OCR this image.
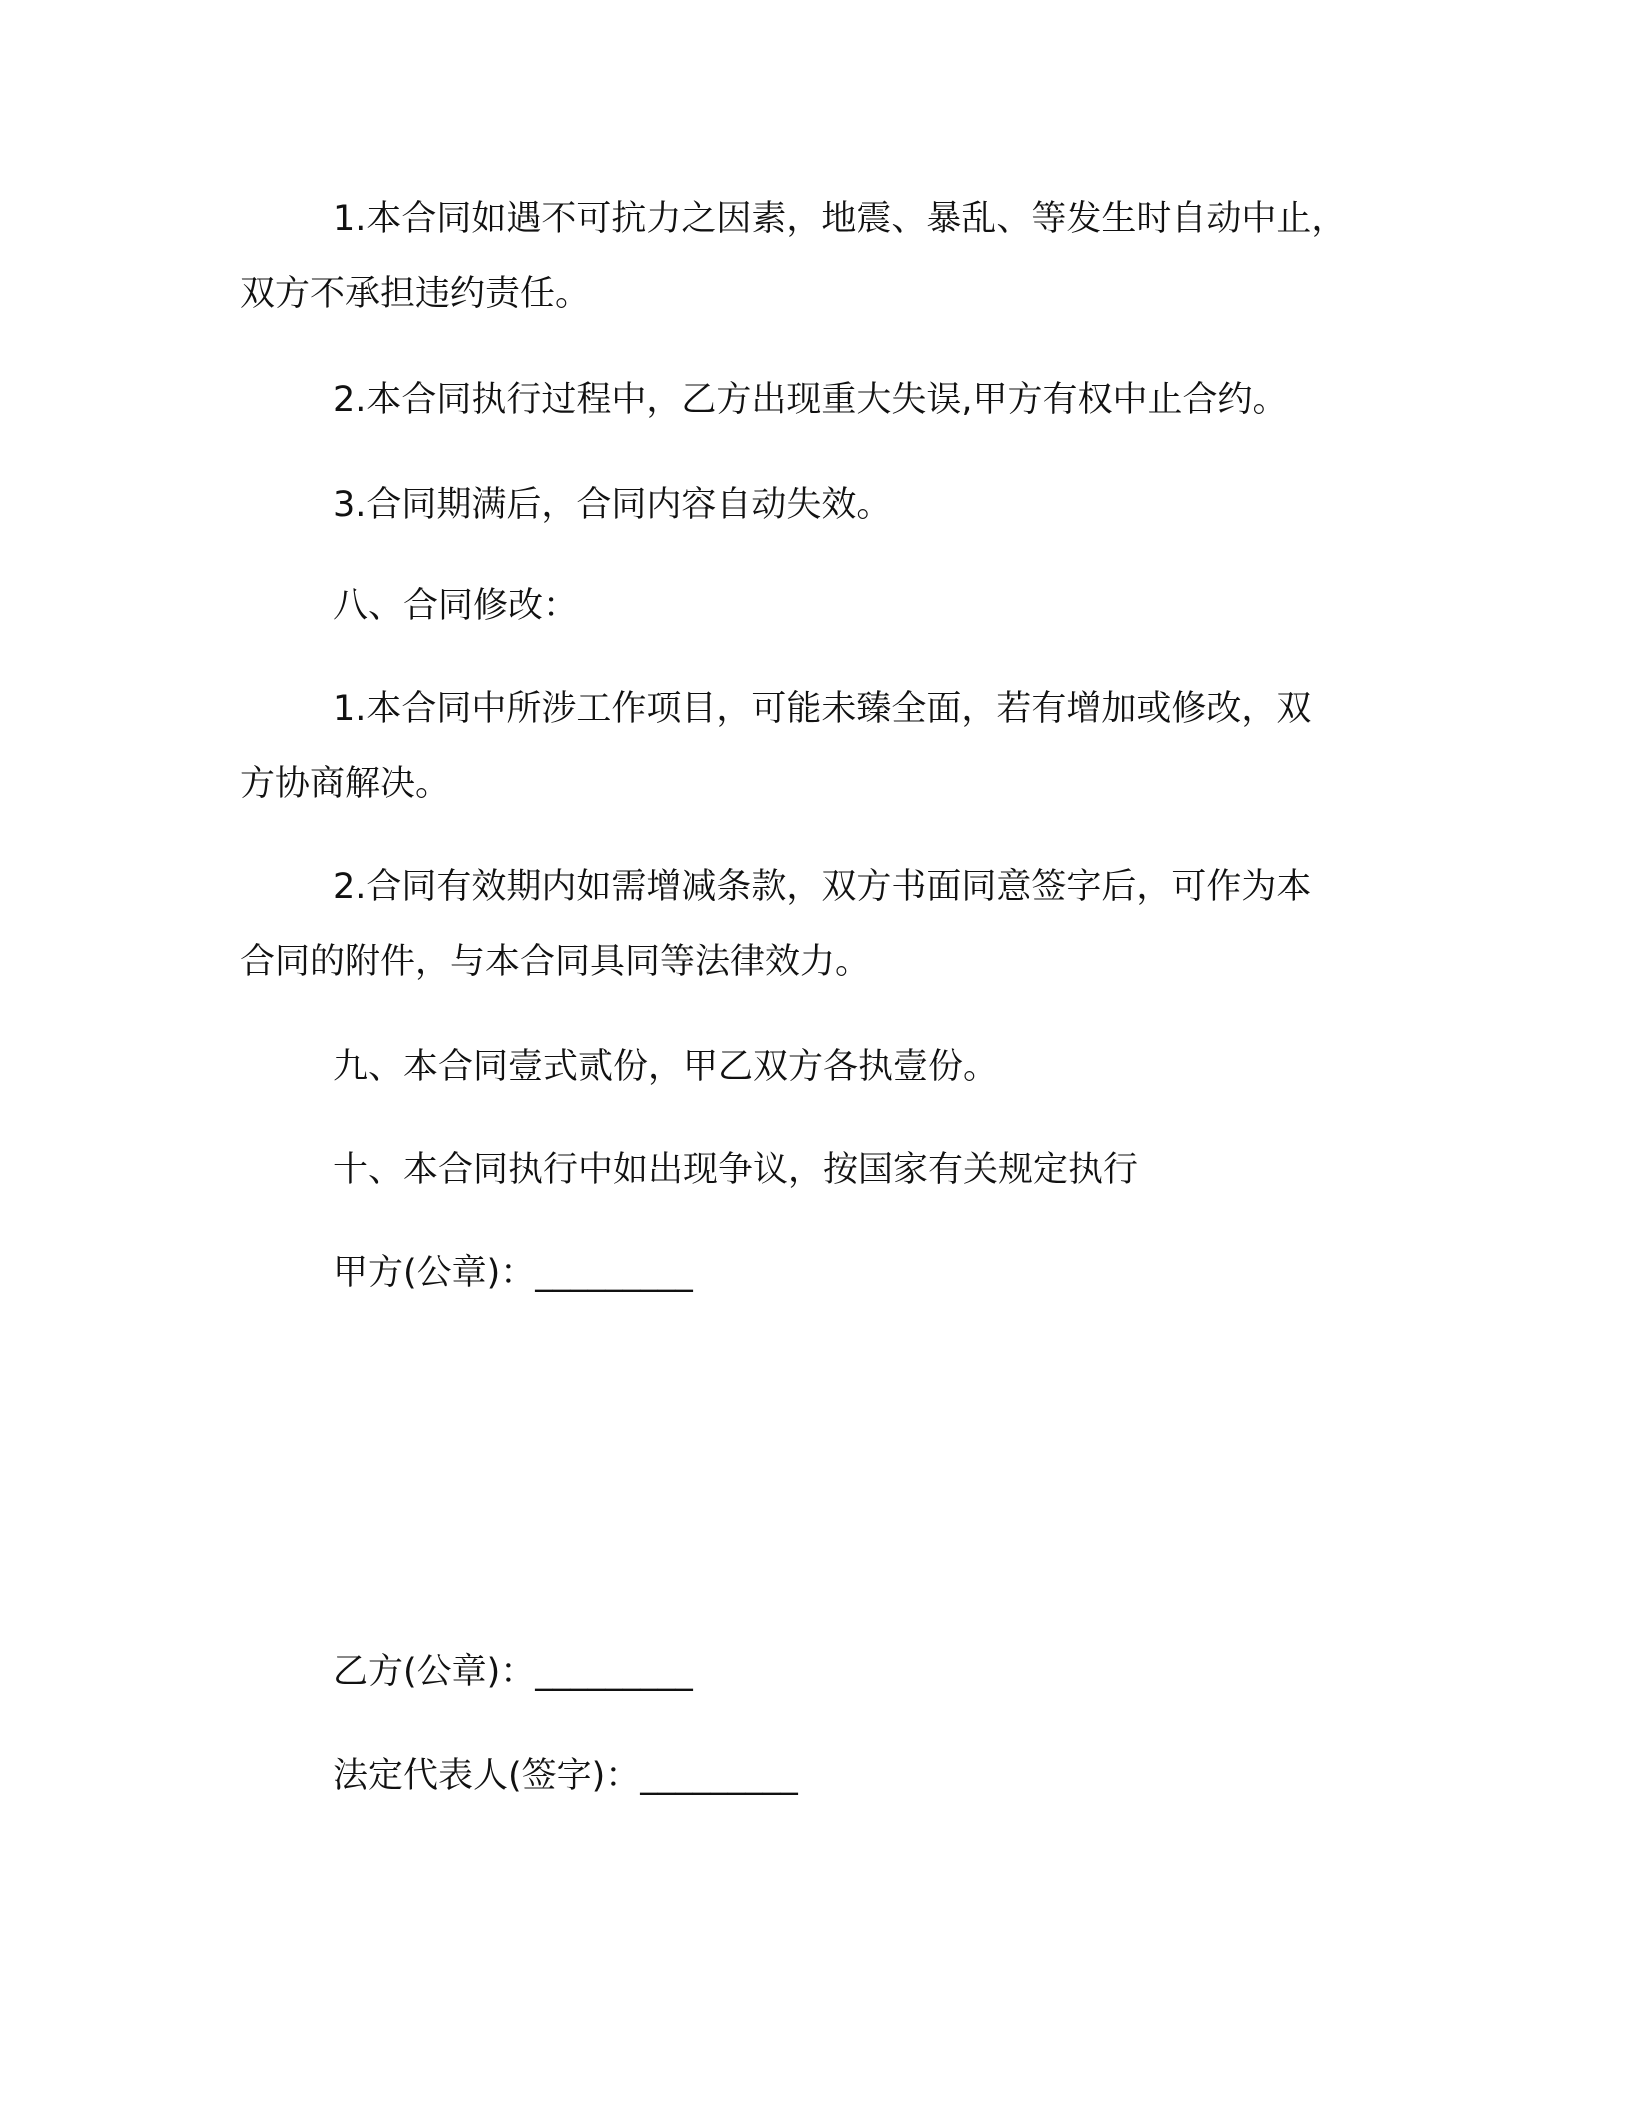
1.本合同如遇不可抗力之因素，地震、暴乱、等发生时自动中止，
双方不承担违约责任。
2.本合同执行过程中，乙方出现重大失误,甲方有权中止合约。
3.合同期满后，合同内容自动失效。
八、合同修改：
1.本合同中所涉工作项目，可能未臻全面，若有增加或修改，双
方协商解决。
2.合同有效期内如需增减条款，双方书面同意签字后，可作为本
合同的附件，与本合同具同等法律效力。
九、本合同壹式贰份，甲乙双方各执壹份。
十、本合同执行中如出现争议，按国家有关规定执行
甲方(公章)：_________
乙方(公章)：_________
法定代表人(签字)：_________
